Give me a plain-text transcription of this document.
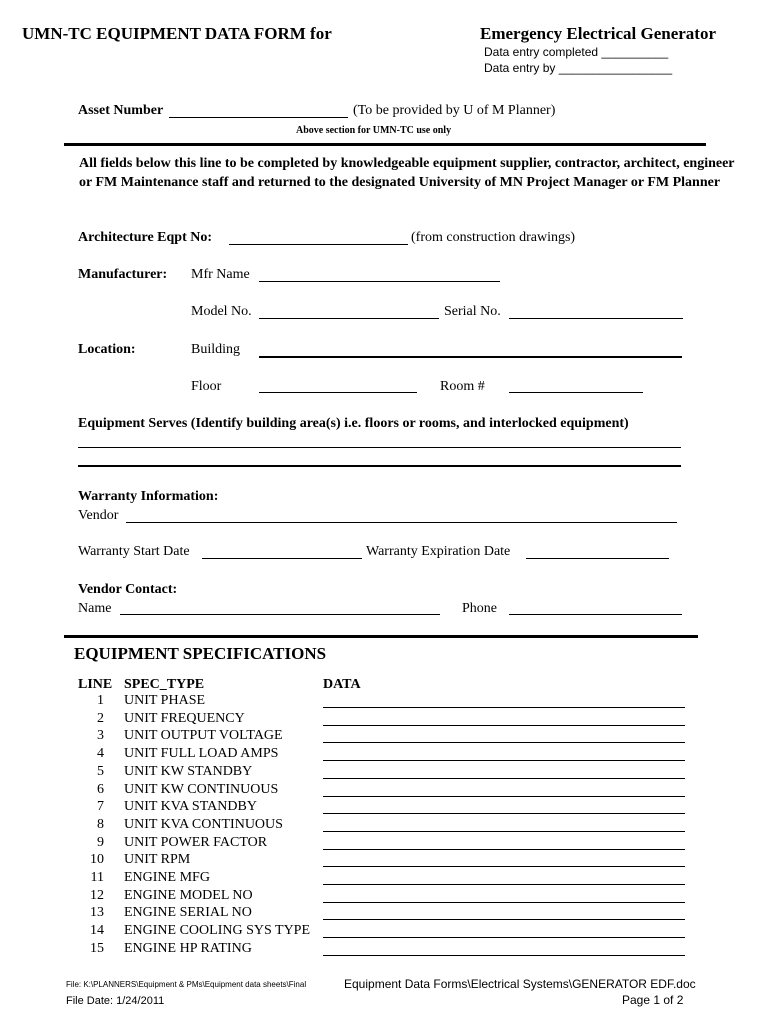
UMN-TC EQUIPMENT DATA FORM for	Emergency Electrical Generator
Data entry completed __________
Data entry by _________________
Asset Number	(To be provided by U of M Planner)
Above section for UMN-TC use only
All fields below this line to be completed by knowledgeable equipment supplier, contractor, architect, engineer or FM Maintenance staff and returned to the designated University of MN Project Manager or FM Planner
Architecture Eqpt No:	(from construction drawings)
Manufacturer: Mfr Name
Model No.	Serial No.
Location:	Building
Floor	Room #
Equipment Serves (Identify building area(s) i.e. floors or rooms, and interlocked equipment)
Warranty Information:
Vendor
Warranty Start Date	Warranty Expiration Date
Vendor Contact:
Name	Phone
EQUIPMENT SPECIFICATIONS
LINE SPEC_TYPE	DATA
1 UNIT PHASE
2 UNIT FREQUENCY
3 UNIT OUTPUT VOLTAGE
4 UNIT FULL LOAD AMPS
5 UNIT KW STANDBY
6 UNIT KW CONTINUOUS
7 UNIT KVA STANDBY
8 UNIT KVA CONTINUOUS
9 UNIT POWER FACTOR
10 UNIT RPM
11 ENGINE MFG
12 ENGINE MODEL NO
13 ENGINE SERIAL NO
14 ENGINE COOLING SYS TYPE
15 ENGINE HP RATING
File: K:\PLANNERS\Equipment & PMs\Equipment data sheets\Final	Equipment Data Forms\Electrical Systems\GENERATOR EDF.doc
File Date: 1/24/2011	Page 1 of 2
